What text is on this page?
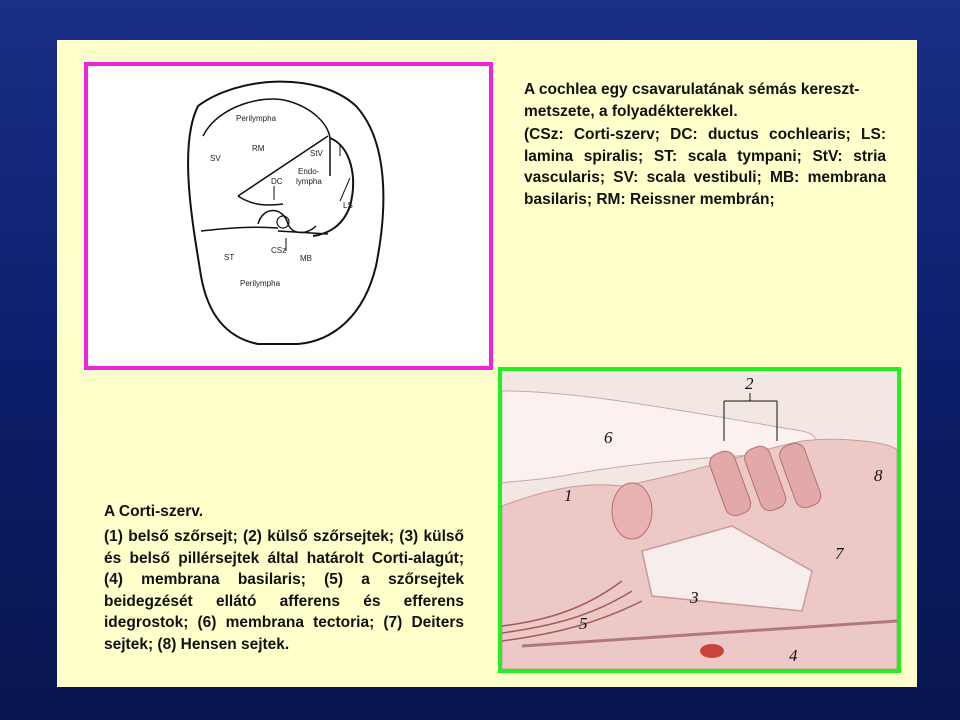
Perilympha
SV
RM
StV
Endo-
lympha
DC
LS
ST
CSz
MB
Perilympha
A cochlea egy csavarulatának sémás kereszt-metszete, a folyadékterekkel.
(CSz: Corti-szerv; DC: ductus cochlearis; LS: lamina spiralis; ST: scala tympani; StV: stria vascularis; SV: scala vestibuli; MB: membrana basilaris; RM: Reissner membrán;
1
2
3
4
5
6
7
8
A Corti-szerv.
(1) belső szőrsejt; (2) külső szőrsejtek; (3) külső és belső pillérsejtek által határolt Corti-alagút; (4) membrana basilaris; (5) a szőrsejtek beidegzését ellátó afferens és efferens idegrostok; (6) membrana tectoria; (7) Deiters sejtek; (8) Hensen sejtek.
